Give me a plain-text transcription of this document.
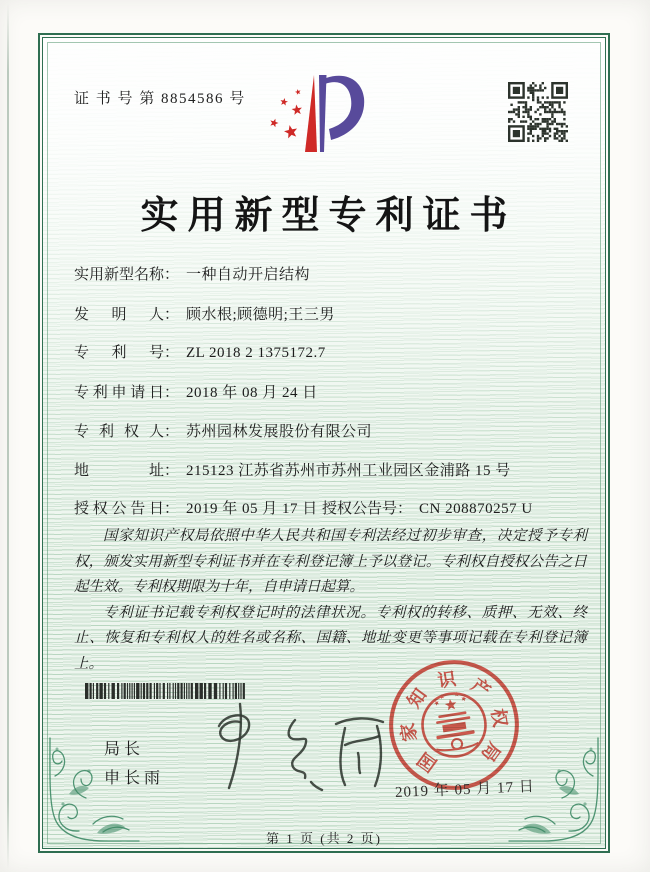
证 书 号 第 8854586 号
实用新型专利证书
实用新型名称： 一种自动开启结构
发明人： 顾水根;顾德明;王三男
专利号： ZL 2018 2 1375172.7
专利申请日： 2018 年 08 月 24 日
专利权人： 苏州园林发展股份有限公司
地址： 215123 江苏省苏州市苏州工业园区金浦路 15 号
授权公告日： 2019 年 05 月 17 日 授权公告号： CN 208870257 U

国家知识产权局依照中华人民共和国专利法经过初步审查，决定授予专利权，颁发实用新型专利证书并在专利登记簿上予以登记。专利权自授权公告之日起生效。专利权期限为十年，自申请日起算。

专利证书记载专利权登记时的法律状况。专利权的转移、质押、无效、终止、恢复和专利权人的姓名或名称、国籍、地址变更等事项记载在专利登记簿上。

局长
申长雨
国
家
知
识 产
权
局
2019 年 05 月 17 日
第 1 页 (共 2 页)
